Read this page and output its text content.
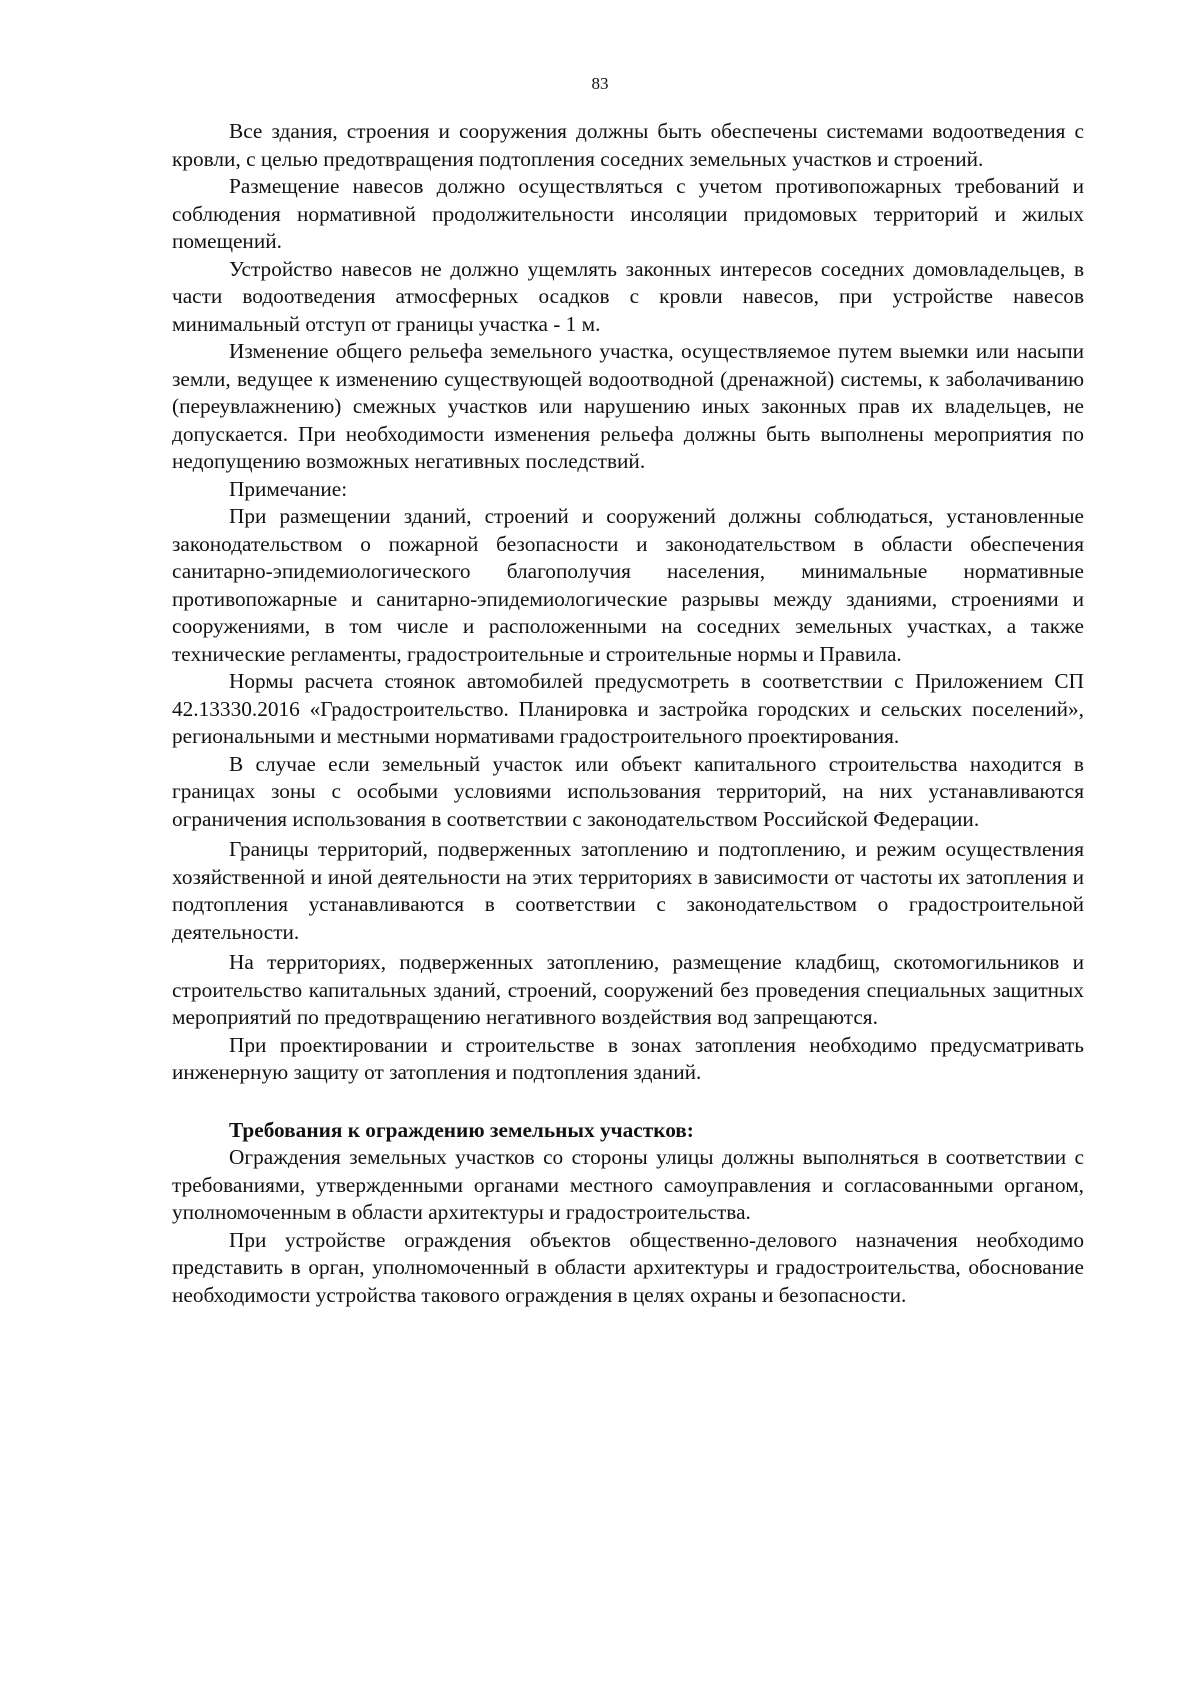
83

Все здания, строения и сооружения должны быть обеспечены системами водоотведения с кровли, с целью предотвращения подтопления соседних земельных участков и строений.

Размещение навесов должно осуществляться с учетом противопожарных требований и соблюдения нормативной продолжительности инсоляции придомовых территорий и жилых помещений.

Устройство навесов не должно ущемлять законных интересов соседних домовладельцев, в части водоотведения атмосферных осадков с кровли навесов, при устройстве навесов минимальный отступ от границы участка - 1 м.

Изменение общего рельефа земельного участка, осуществляемое путем выемки или насыпи земли, ведущее к изменению существующей водоотводной (дренажной) системы, к заболачиванию (переувлажнению) смежных участков или нарушению иных законных прав их владельцев, не допускается. При необходимости изменения рельефа должны быть выполнены мероприятия по недопущению возможных негативных последствий.

Примечание:

При размещении зданий, строений и сооружений должны соблюдаться, установленные законодательством о пожарной безопасности и законодательством в области обеспечения санитарно-эпидемиологического благополучия населения, минимальные нормативные противопожарные и санитарно-эпидемиологические разрывы между зданиями, строениями и сооружениями, в том числе и расположенными на соседних земельных участках, а также технические регламенты, градостроительные и строительные нормы и Правила.

Нормы расчета стоянок автомобилей предусмотреть в соответствии с Приложением СП 42.13330.2016 «Градостроительство. Планировка и застройка городских и сельских поселений», региональными и местными нормативами градостроительного проектирования.

В случае если земельный участок или объект капитального строительства находится в границах зоны с особыми условиями использования территорий, на них устанавливаются ограничения использования в соответствии с законодательством Российской Федерации.

Границы территорий, подверженных затоплению и подтоплению, и режим осуществления хозяйственной и иной деятельности на этих территориях в зависимости от частоты их затопления и подтопления устанавливаются в соответствии с законодательством о градостроительной деятельности.

На территориях, подверженных затоплению, размещение кладбищ, скотомогильников и строительство капитальных зданий, строений, сооружений без проведения специальных защитных мероприятий по предотвращению негативного воздействия вод запрещаются.

При проектировании и строительстве в зонах затопления необходимо предусматривать инженерную защиту от затопления и подтопления зданий.

Требования к ограждению земельных участков:

Ограждения земельных участков со стороны улицы должны выполняться в соответствии с требованиями, утвержденными органами местного самоуправления и согласованными органом, уполномоченным в области архитектуры и градостроительства.

При устройстве ограждения объектов общественно-делового назначения необходимо представить в орган, уполномоченный в области архитектуры и градостроительства, обоснование необходимости устройства такового ограждения в целях охраны и безопасности.
